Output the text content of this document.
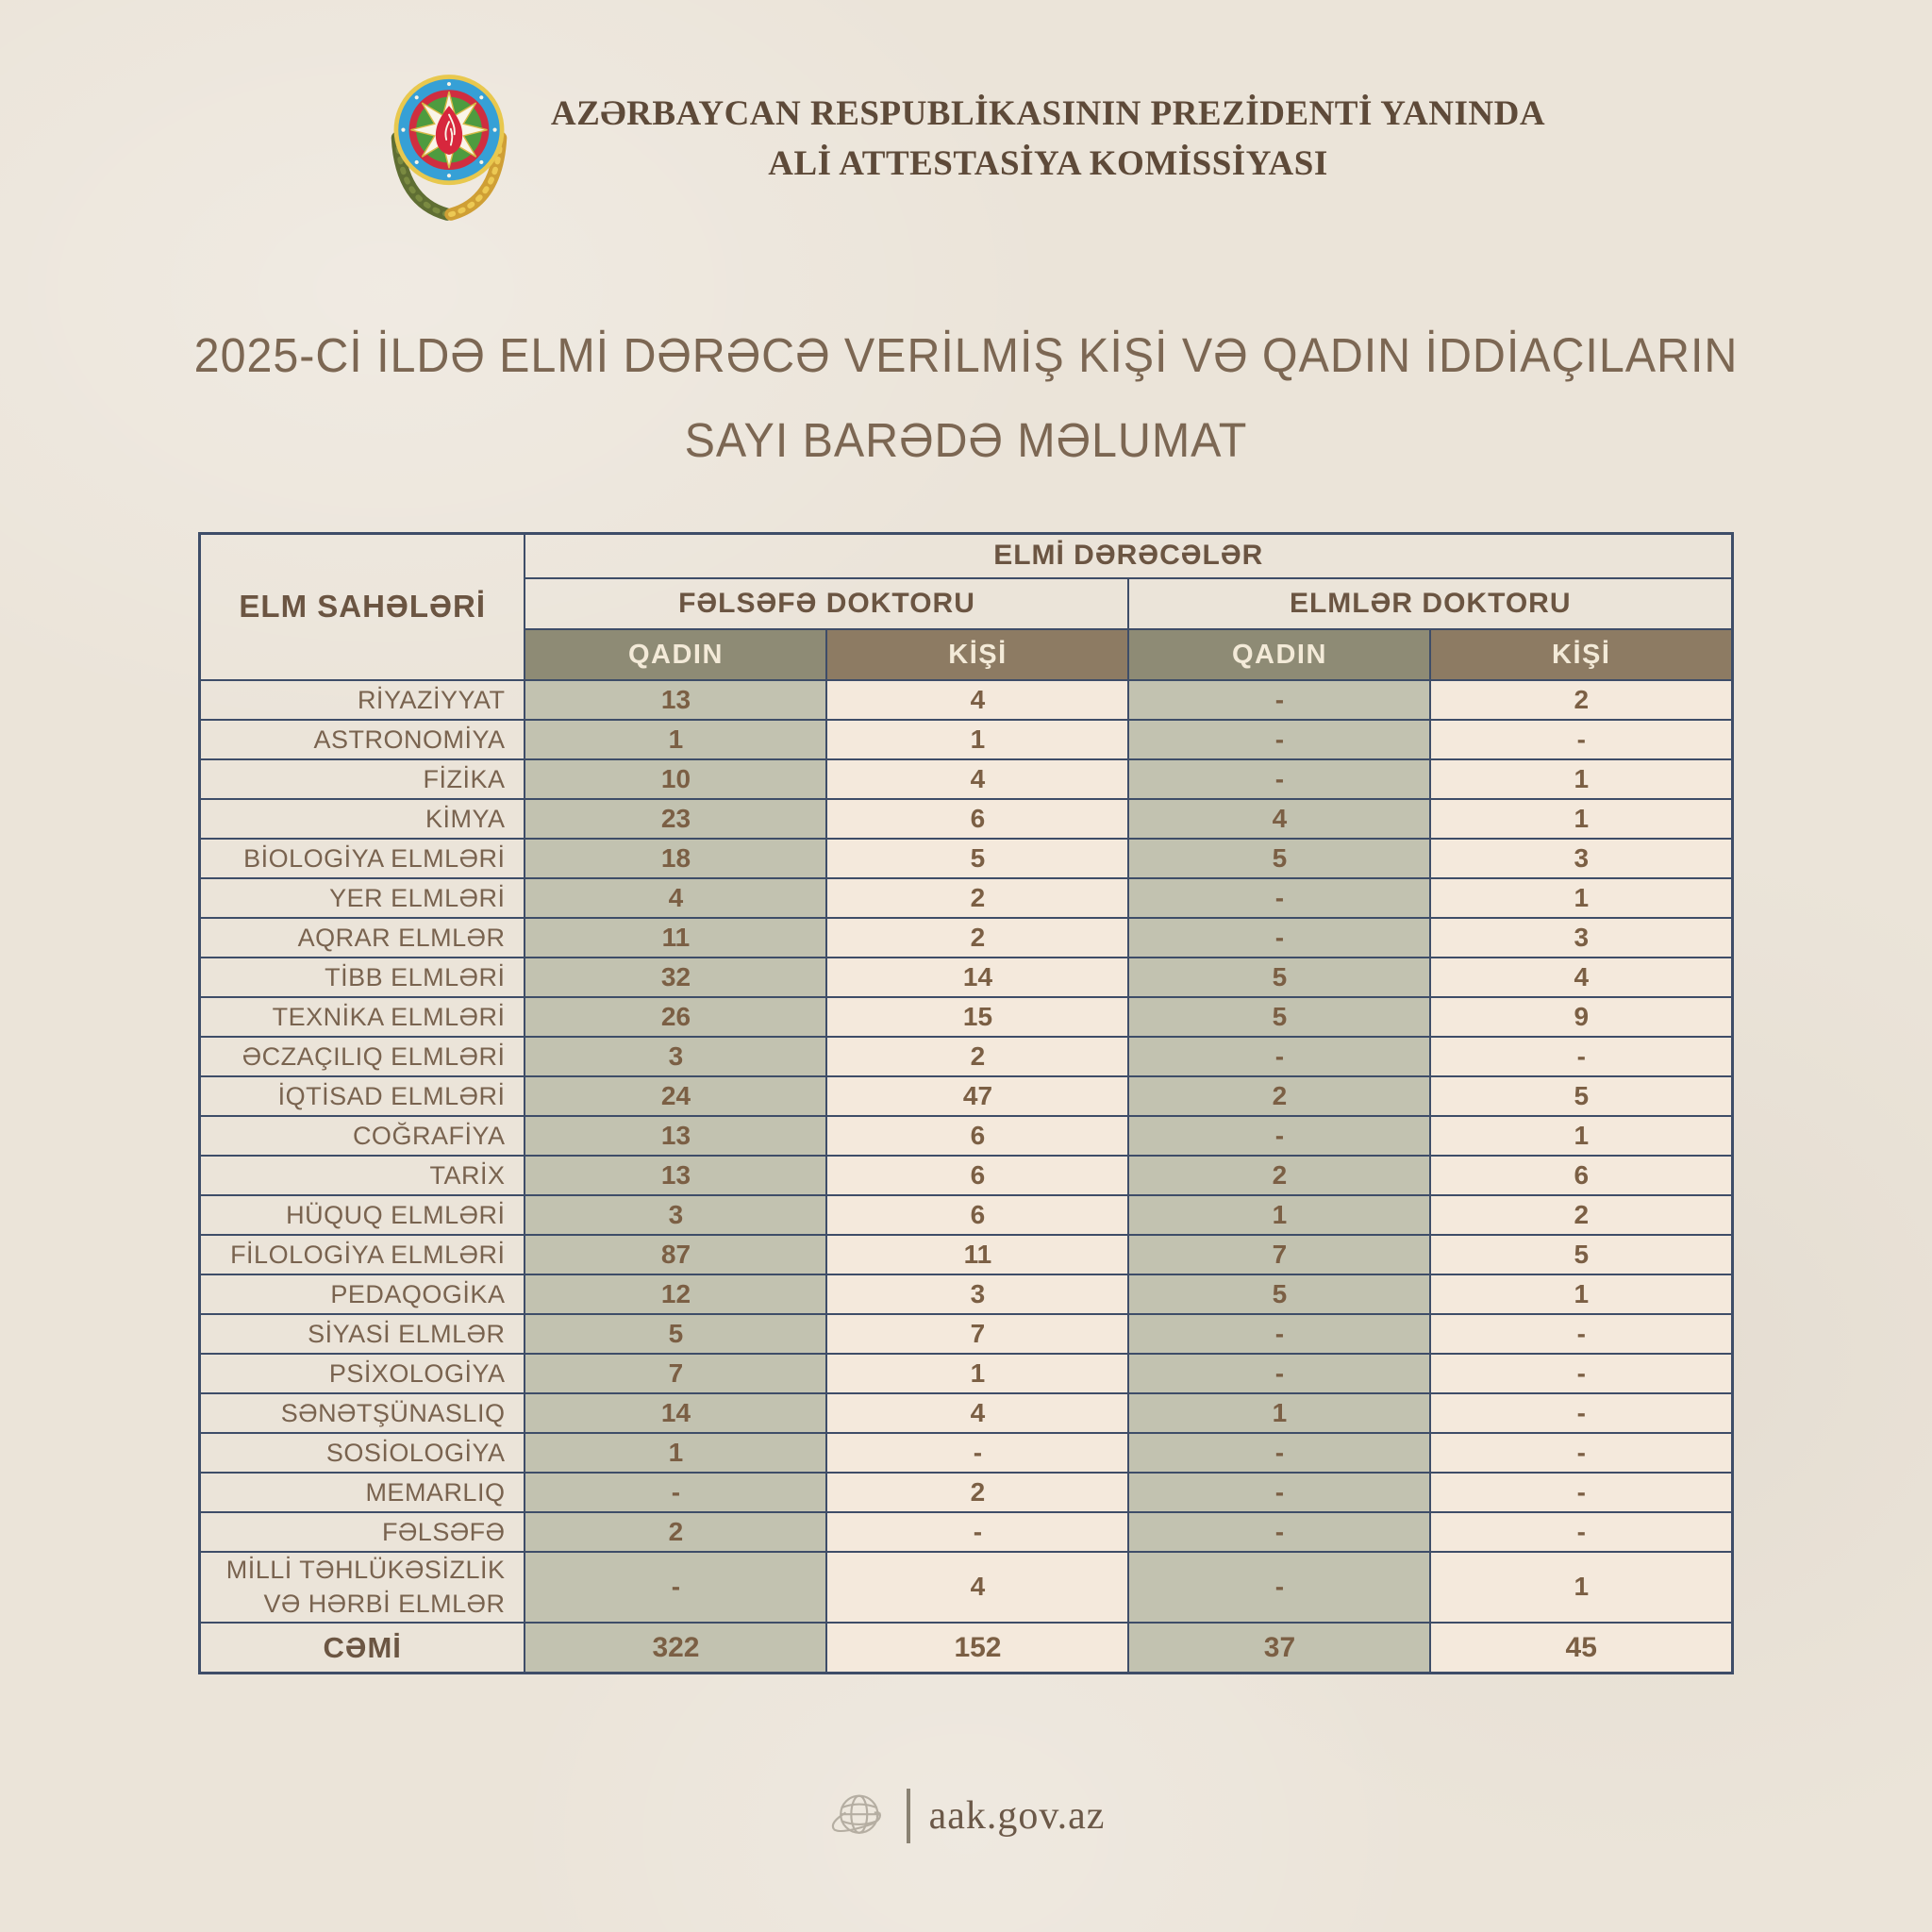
AZƏRBAYCAN RESPUBLİKASININ PREZİDENTİ YANINDA
ALİ ATTESTASİYA KOMİSSİYASI
2025-Cİ İLDƏ ELMİ DƏRƏCƏ VERİLMİŞ KİŞİ VƏ QADIN İDDİAÇILARIN
SAYI BARƏDƏ MƏLUMAT
ELM SAHƏLƏRİ	ELMİ DƏRƏCƏLƏR			
	FƏLSƏFƏ DOKTORU		ELMLƏR DOKTORU	
	QADIN	KİŞİ	QADIN	KİŞİ
RİYAZİYYAT	13	4	-	2
ASTRONOMİYA	1	1	-	-
FİZİKA	10	4	-	1
KİMYA	23	6	4	1
BİOLOGİYA ELMLƏRİ	18	5	5	3
YER ELMLƏRİ	4	2	-	1
AQRAR ELMLƏR	11	2	-	3
TİBB ELMLƏRİ	32	14	5	4
TEXNİKA ELMLƏRİ	26	15	5	9
ƏCZAÇILIQ ELMLƏRİ	3	2	-	-
İQTİSAD ELMLƏRİ	24	47	2	5
COĞRAFİYA	13	6	-	1
TARİX	13	6	2	6
HÜQUQ ELMLƏRİ	3	6	1	2
FİLOLOGİYA ELMLƏRİ	87	11	7	5
PEDAQOGİKA	12	3	5	1
SİYASİ ELMLƏR	5	7	-	-
PSİXOLOGİYA	7	1	-	-
SƏNƏTŞÜNASLIQ	14	4	1	-
SOSİOLOGİYA	1	-	-	-
MEMARLIQ	-	2	-	-
FƏLSƏFƏ	2	-	-	-
MİLLİ TƏHLÜKƏSİZLİK VƏ HƏRBİ ELMLƏR	-	4	-	1
CƏMİ	322	152	37	45
aak.gov.az
